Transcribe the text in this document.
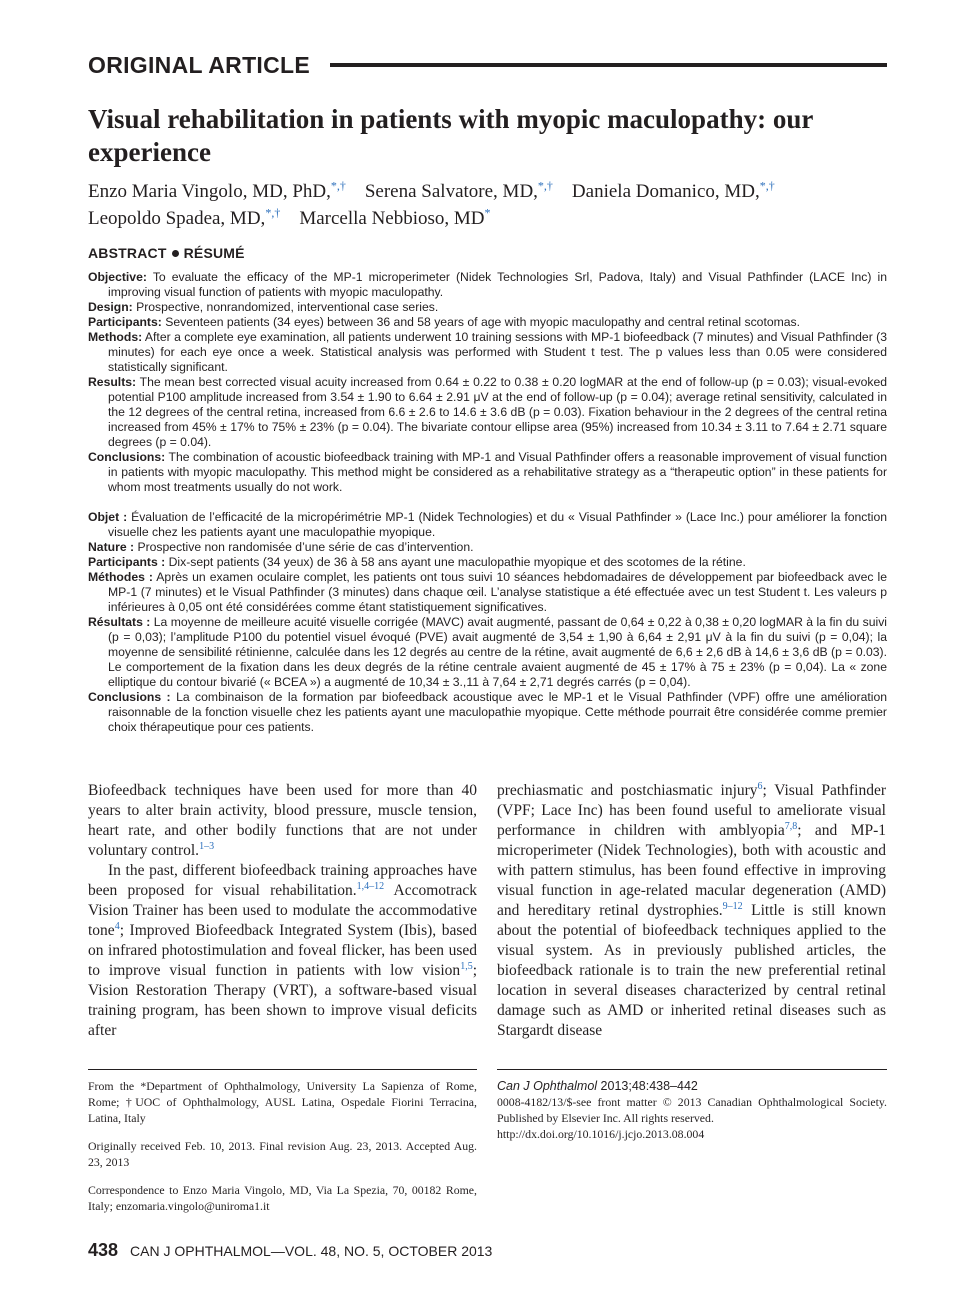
ORIGINAL ARTICLE
Visual rehabilitation in patients with myopic maculopathy: our experience

Enzo Maria Vingolo, MD, PhD,*,†  Serena Salvatore, MD,*,†  Daniela Domanico, MD,*,†
Leopoldo Spadea, MD,*,†  Marcella Nebbioso, MD*

ABSTRACT RÉSUMÉ

Objective: To evaluate the efficacy of the MP-1 microperimeter (Nidek Technologies Srl, Padova, Italy) and Visual Pathfinder (LACE Inc) in improving visual function of patients with myopic maculopathy.

Design: Prospective, nonrandomized, interventional case series.

Participants: Seventeen patients (34 eyes) between 36 and 58 years of age with myopic maculopathy and central retinal scotomas.

Methods: After a complete eye examination, all patients underwent 10 training sessions with MP-1 biofeedback (7 minutes) and Visual Pathfinder (3 minutes) for each eye once a week. Statistical analysis was performed with Student t test. The p values less than 0.05 were considered statistically significant.

Results: The mean best corrected visual acuity increased from 0.64 ± 0.22 to 0.38 ± 0.20 logMAR at the end of follow-up (p = 0.03); visual-evoked potential P100 amplitude increased from 3.54 ± 1.90 to 6.64 ± 2.91 μV at the end of follow-up (p = 0.04); average retinal sensitivity, calculated in the 12 degrees of the central retina, increased from 6.6 ± 2.6 to 14.6 ± 3.6 dB (p = 0.03). Fixation behaviour in the 2 degrees of the central retina increased from 45% ± 17% to 75% ± 23% (p = 0.04). The bivariate contour ellipse area (95%) increased from 10.34 ± 3.11 to 7.64 ± 2.71 square degrees (p = 0.04).

Conclusions: The combination of acoustic biofeedback training with MP-1 and Visual Pathfinder offers a reasonable improvement of visual function in patients with myopic maculopathy. This method might be considered as a rehabilitative strategy as a “therapeutic option” in these patients for whom most treatments usually do not work.

Objet : Évaluation de l’efficacité de la micropérimétrie MP-1 (Nidek Technologies) et du « Visual Pathfinder » (Lace Inc.) pour améliorer la fonction visuelle chez les patients ayant une maculopathie myopique.

Nature : Prospective non randomisée d’une série de cas d’intervention.

Participants : Dix-sept patients (34 yeux) de 36 à 58 ans ayant une maculopathie myopique et des scotomes de la rétine.

Méthodes : Après un examen oculaire complet, les patients ont tous suivi 10 séances hebdomadaires de développement par biofeedback avec le MP-1 (7 minutes) et le Visual Pathfinder (3 minutes) dans chaque œil. L’analyse statistique a été effectuée avec un test Student t. Les valeurs p inférieures à 0,05 ont été considérées comme étant statistiquement significatives.

Résultats : La moyenne de meilleure acuité visuelle corrigée (MAVC) avait augmenté, passant de 0,64 ± 0,22 à 0,38 ± 0,20 logMAR à la fin du suivi (p = 0,03); l’amplitude P100 du potentiel visuel évoqué (PVE) avait augmenté de 3,54 ± 1,90 à 6,64 ± 2,91 μV à la fin du suivi (p = 0,04); la moyenne de sensibilité rétinienne, calculée dans les 12 degrés au centre de la rétine, avait augmenté de 6,6 ± 2,6 dB à 14,6 ± 3,6 dB (p = 0.03). Le comportement de la fixation dans les deux degrés de la rétine centrale avaient augmenté de 45 ± 17% à 75 ± 23% (p = 0,04). La « zone elliptique du contour bivarié (« BCEA ») a augmenté de 10,34 ± 3.,11 à 7,64 ± 2,71 degrés carrés (p = 0,04).

Conclusions : La combinaison de la formation par biofeedback acoustique avec le MP-1 et le Visual Pathfinder (VPF) offre une amélioration raisonnable de la fonction visuelle chez les patients ayant une maculopathie myopique. Cette méthode pourrait être considérée comme premier choix thérapeutique pour ces patients.

Biofeedback techniques have been used for more than 40 years to alter brain activity, blood pressure, muscle tension, heart rate, and other bodily functions that are not under voluntary control.$^{1-3}$

In the past, different biofeedback training approaches have been proposed for visual rehabilitation.$^{1,4-12}$ Accomotrack Vision Trainer has been used to modulate the accommodative tone$^4$; Improved Biofeedback Integrated System (Ibis), based on infrared photostimulation and foveal flicker, has been used to improve visual function in patients with low vision$^{1,5}$; Vision Restoration Therapy (VRT), a software-based visual training program, has been shown to improve visual deficits after

prechiasmatic and postchiasmatic injury$^6$; Visual Pathfinder (VPF; Lace Inc) has been found useful to ameliorate visual performance in children with amblyopia$^{7,8}$; and MP-1 microperimeter (Nidek Technologies), both with acoustic and with pattern stimulus, has been found effective in improving visual function in age-related macular degeneration (AMD) and hereditary retinal dystrophies.$^{9-12}$ Little is still known about the potential of biofeedback techniques applied to the visual system. As in previously published articles, the biofeedback rationale is to train the new preferential retinal location in several diseases characterized by central retinal damage such as AMD or inherited retinal diseases such as Stargardt disease

From the *Department of Ophthalmology, University La Sapienza of Rome, Rome; †UOC of Ophthalmology, AUSL Latina, Ospedale Fiorini Terracina, Latina, Italy

Originally received Feb. 10, 2013. Final revision Aug. 23, 2013. Accepted Aug. 23, 2013

Correspondence to Enzo Maria Vingolo, MD, Via La Spezia, 70, 00182 Rome, Italy; enzomaria.vingolo@uniroma1.it

Can J Ophthalmol 2013;48:438–442
0008-4182/13/$-see front matter © 2013 Canadian Ophthalmological Society. Published by Elsevier Inc. All rights reserved.
http://dx.doi.org/10.1016/j.jcjo.2013.08.004
438 CAN J OPHTHALMOL—VOL. 48, NO. 5, OCTOBER 2013
